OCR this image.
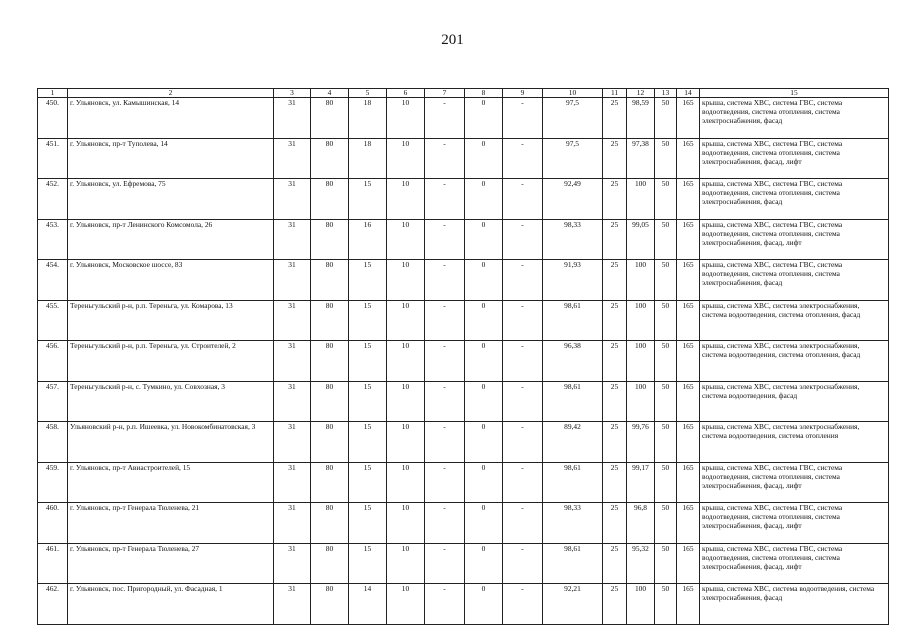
201
1	2	3	4	5	6	7	8	9	10	11	12	13	14	15
450.	г. Ульяновск, ул. Камышинская, 14	31	80	18	10	-	0	-	97,5	25	98,59	50	165	крыша, система ХВС, система ГВС, система водоотведения, система отопления, система электроснабжения, фасад
451.	г. Ульяновск, пр-т Туполева, 14	31	80	18	10	-	0	-	97,5	25	97,38	50	165	крыша, система ХВС, система ГВС, система водоотведения, система отопления, система электроснабжения, фасад, лифт
452.	г. Ульяновск, ул. Ефремова, 75	31	80	15	10	-	0	-	92,49	25	100	50	165	крыша, система ХВС, система ГВС, система водоотведения, система отопления, система электроснабжения, фасад
453.	г. Ульяновск, пр-т Ленинского Комсомола, 26	31	80	16	10	-	0	-	98,33	25	99,05	50	165	крыша, система ХВС, система ГВС, система водоотведения, система отопления, система электроснабжения, фасад, лифт
454.	г. Ульяновск, Московское шоссе, 83	31	80	15	10	-	0	-	91,93	25	100	50	165	крыша, система ХВС, система ГВС, система водоотведения, система отопления, система электроснабжения, фасад
455.	Тереньгульский р-н, р.п. Тереньга, ул. Комарова, 13	31	80	15	10	-	0	-	98,61	25	100	50	165	крыша, система ХВС, система электроснабжения, система водоотведения, система отопления, фасад
456.	Тереньгульский р-н, р.п. Тереньга, ул. Строителей, 2	31	80	15	10	-	0	-	96,38	25	100	50	165	крыша, система ХВС, система электроснабжения, система водоотведения, система отопления, фасад
457.	Тереньгульский р-н, с. Тумкино, ул. Совхозная, 3	31	80	15	10	-	0	-	98,61	25	100	50	165	крыша, система ХВС, система электроснабжения, система водоотведения, фасад
458.	Ульяновский р-н, р.п. Ишеевка, ул. Новокомбинатовская, 3	31	80	15	10	-	0	-	89,42	25	99,76	50	165	крыша, система ХВС, система электроснабжения, система водоотведения, система отопления
459.	г. Ульяновск, пр-т Авиастроителей, 15	31	80	15	10	-	0	-	98,61	25	99,17	50	165	крыша, система ХВС, система ГВС, система водоотведения, система отопления, система электроснабжения, фасад, лифт
460.	г. Ульяновск, пр-т Генерала Тюленева, 21	31	80	15	10	-	0	-	98,33	25	96,8	50	165	крыша, система ХВС, система ГВС, система водоотведения, система отопления, система электроснабжения, фасад, лифт
461.	г. Ульяновск, пр-т Генерала Тюленева, 27	31	80	15	10	-	0	-	98,61	25	95,32	50	165	крыша, система ХВС, система ГВС, система водоотведения, система отопления, система электроснабжения, фасад, лифт
462.	г. Ульяновск, пос. Пригородный, ул. Фасадная, 1	31	80	14	10	-	0	-	92,21	25	100	50	165	крыша, система ХВС, система водоотведения, система электроснабжения, фасад
